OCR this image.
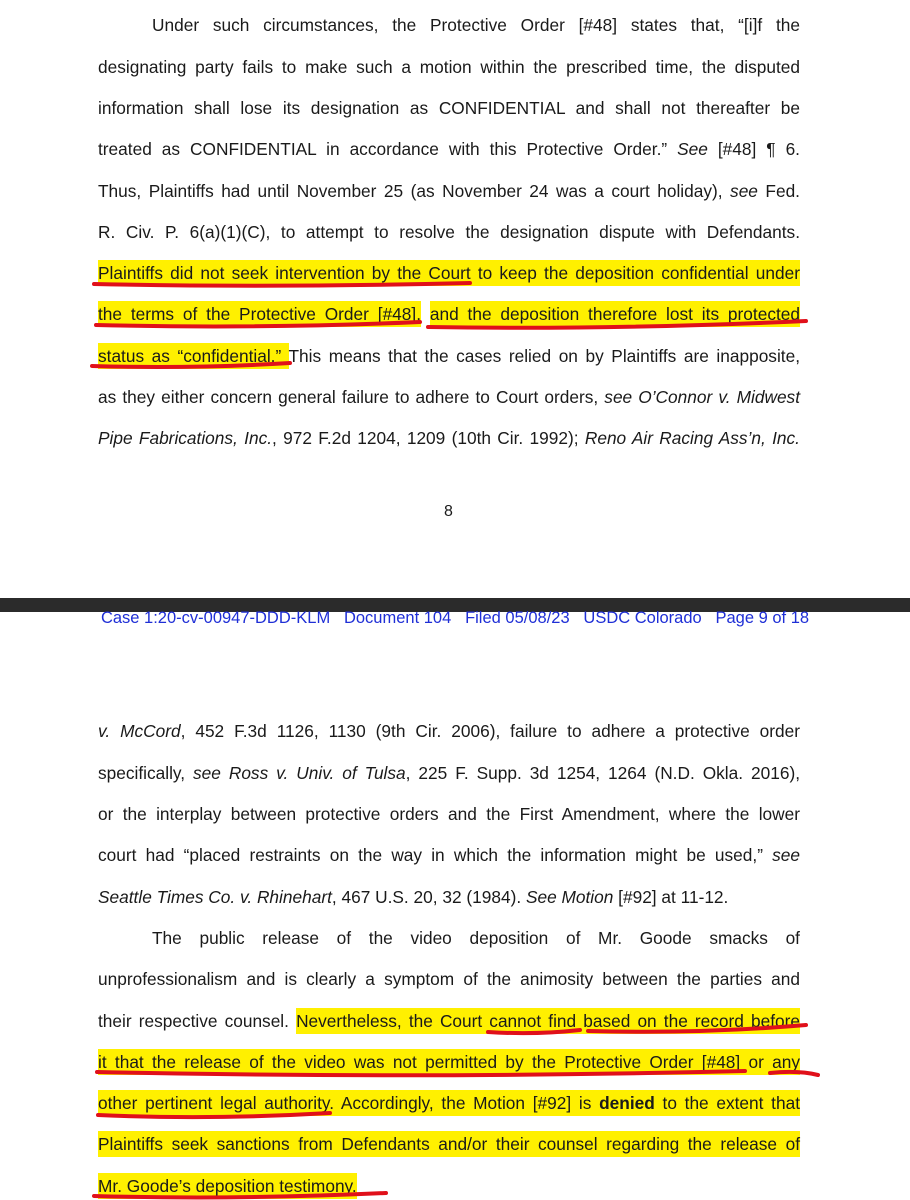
Under such circumstances, the Protective Order [#48] states that, “[i]f the
designating party fails to make such a motion within the prescribed time, the disputed
information shall lose its designation as CONFIDENTIAL and shall not thereafter be
treated as CONFIDENTIAL in accordance with this Protective Order.” See [#48] ¶ 6.
Thus, Plaintiffs had until November 25 (as November 24 was a court holiday), see Fed.
R. Civ. P. 6(a)(1)(C), to attempt to resolve the designation dispute with Defendants.
Plaintiffs did not seek intervention by the Court to keep the deposition confidential under
the terms of the Protective Order [#48], and the deposition therefore lost its protected
status as “confidential.” This means that the cases relied on by Plaintiffs are inapposite,
as they either concern general failure to adhere to Court orders, see O’Connor v. Midwest
Pipe Fabrications, Inc., 972 F.2d 1204, 1209 (10th Cir. 1992); Reno Air Racing Ass’n, Inc.
8
v. McCord, 452 F.3d 1126, 1130 (9th Cir. 2006), failure to adhere a protective order
specifically, see Ross v. Univ. of Tulsa, 225 F. Supp. 3d 1254, 1264 (N.D. Okla. 2016),
or the interplay between protective orders and the First Amendment, where the lower
court had “placed restraints on the way in which the information might be used,” see
Seattle Times Co. v. Rhinehart, 467 U.S. 20, 32 (1984). See Motion [#92] at 11-12.
The public release of the video deposition of Mr. Goode smacks of
unprofessionalism and is clearly a symptom of the animosity between the parties and
their respective counsel. Nevertheless, the Court cannot find based on the record before
it that the release of the video was not permitted by the Protective Order [#48] or any
other pertinent legal authority. Accordingly, the Motion [#92] is denied to the extent that
Plaintiffs seek sanctions from Defendants and/or their counsel regarding the release of
Mr. Goode’s deposition testimony.
Case 1:20-cv-00947-DDD-KLM Document 104 Filed 05/08/23 USDC Colorado Page 9 of 18
